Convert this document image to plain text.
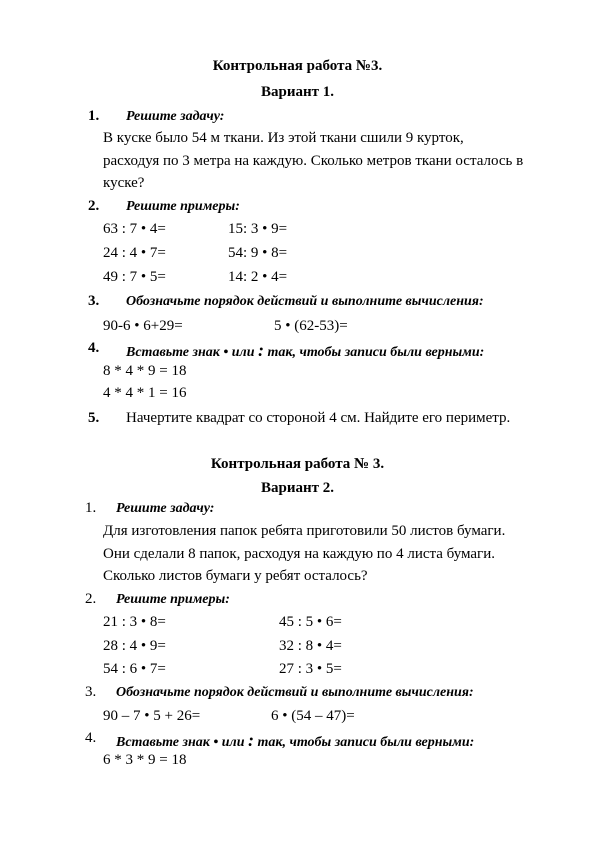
Контрольная работа №3.
Вариант 1.
1. Решите задачу:
В куске было 54 м ткани. Из этой ткани сшили 9 курток,
расходуя по 3 метра на каждую. Сколько метров ткани осталось в
куске?
2. Решите примеры:
63 : 7 • 4=	15: 3 • 9=
24 : 4 • 7=	54: 9 • 8=
49 : 7 • 5=	14: 2 • 4=
3. Обозначьте порядок действий и выполните вычисления:
90-6 • 6+29=	5 • (62-53)=
4. Вставьте знак • или : так, чтобы записи были верными:
8 * 4 * 9 = 18
4 * 4 * 1 = 16
5. Начертите квадрат со стороной 4 см. Найдите его периметр.
Контрольная работа № 3.
Вариант 2.
1. Решите задачу:
Для изготовления папок ребята приготовили 50 листов бумаги.
Они сделали 8 папок, расходуя на каждую по 4 листа бумаги.
Сколько листов бумаги у ребят осталось?
2. Решите примеры:
21 : 3 • 8=	45 : 5 • 6=
28 : 4 • 9=	32 : 8 • 4=
54 : 6 • 7=	27 : 3 • 5=
3. Обозначьте порядок действий и выполните вычисления:
90 – 7 • 5 + 26=	6 • (54 – 47)=
4. Вставьте знак • или : так, чтобы записи были верными:
6 * 3 * 9 = 18
